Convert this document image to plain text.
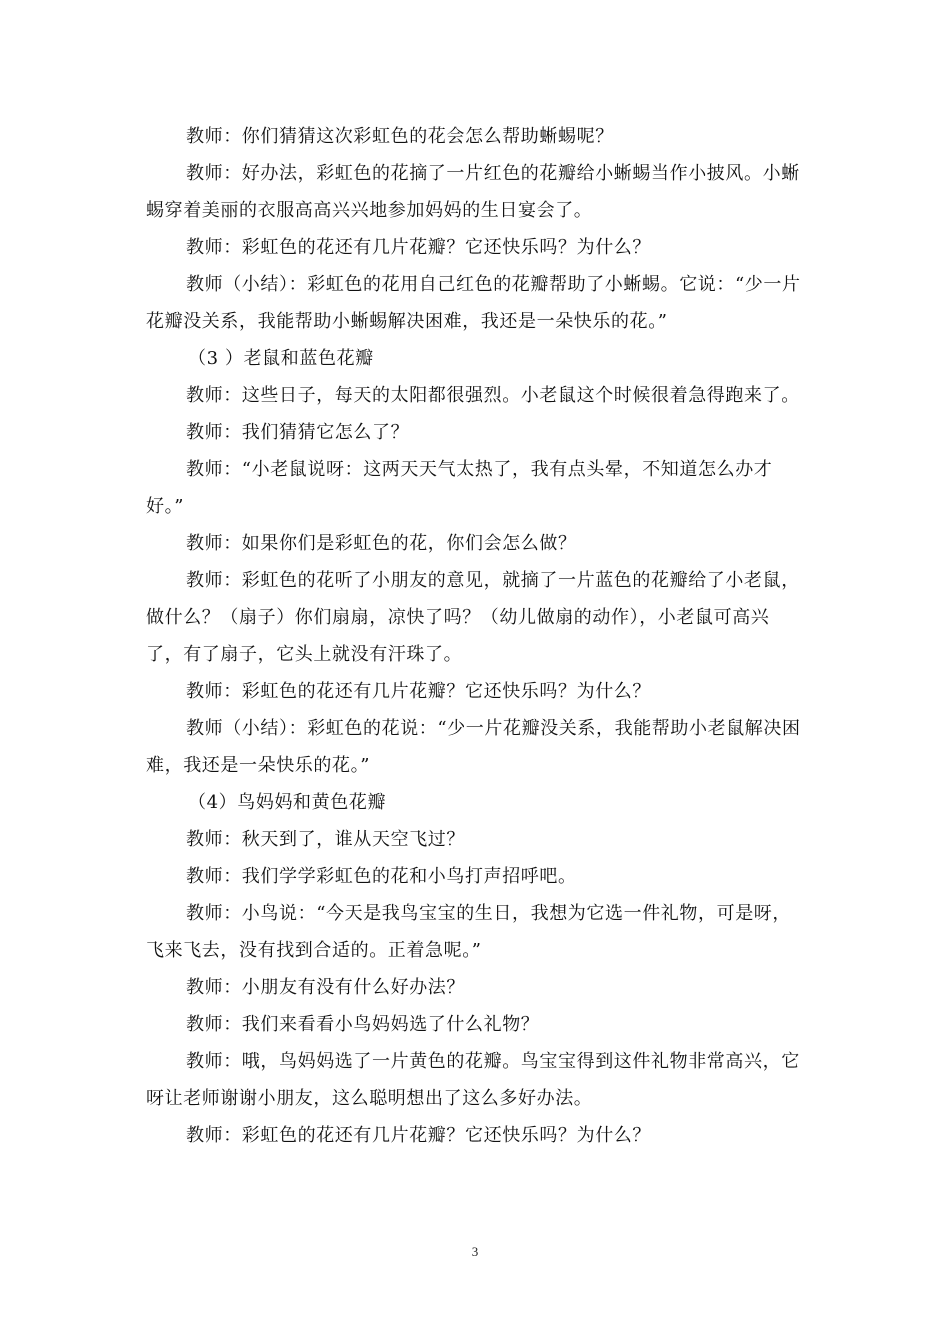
教师：你们猜猜这次彩虹色的花会怎么帮助蜥蜴呢？

教师：好办法，彩虹色的花摘了一片红色的花瓣给小蜥蜴当作小披风。小蜥蜴穿着美丽的衣服高高兴兴地参加妈妈的生日宴会了。

教师：彩虹色的花还有几片花瓣？它还快乐吗？为什么？

教师（小结）：彩虹色的花用自己红色的花瓣帮助了小蜥蜴。它说：“少一片花瓣没关系，我能帮助小蜥蜴解决困难，我还是一朵快乐的花。”

（3 ）老鼠和蓝色花瓣

教师：这些日子，每天的太阳都很强烈。小老鼠这个时候很着急得跑来了。

教师：我们猜猜它怎么了？

教师：“小老鼠说呀：这两天天气太热了，我有点头晕，不知道怎么办才好。”

教师：如果你们是彩虹色的花，你们会怎么做？

教师：彩虹色的花听了小朋友的意见，就摘了一片蓝色的花瓣给了小老鼠，做什么？（扇子）你们扇扇，凉快了吗？（幼儿做扇的动作），小老鼠可高兴了，有了扇子，它头上就没有汗珠了。

教师：彩虹色的花还有几片花瓣？它还快乐吗？为什么？

教师（小结）：彩虹色的花说：“少一片花瓣没关系，我能帮助小老鼠解决困难，我还是一朵快乐的花。”

（4）鸟妈妈和黄色花瓣

教师：秋天到了，谁从天空飞过？

教师：我们学学彩虹色的花和小鸟打声招呼吧。

教师：小鸟说：“今天是我鸟宝宝的生日，我想为它选一件礼物，可是呀，飞来飞去，没有找到合适的。正着急呢。”

教师：小朋友有没有什么好办法？

教师：我们来看看小鸟妈妈选了什么礼物？

教师：哦，鸟妈妈选了一片黄色的花瓣。鸟宝宝得到这件礼物非常高兴，它呀让老师谢谢小朋友，这么聪明想出了这么多好办法。

教师：彩虹色的花还有几片花瓣？它还快乐吗？为什么？

3
